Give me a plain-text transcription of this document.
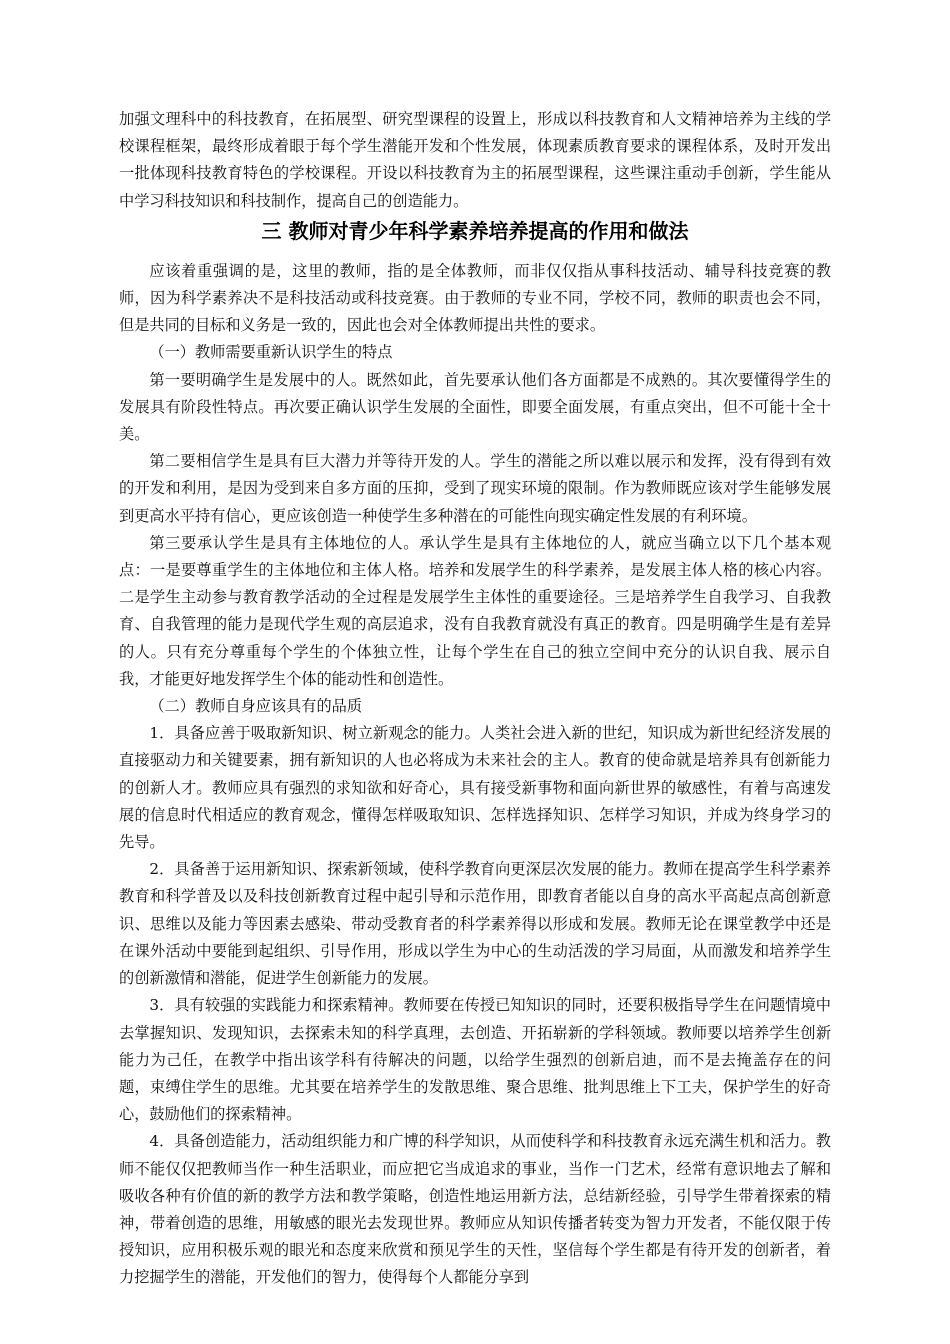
加强文理科中的科技教育，在拓展型、研究型课程的设置上，形成以科技教育和人文精神培养为主线的学校课程框架，最终形成着眼于每个学生潜能开发和个性发展，体现素质教育要求的课程体系，及时开发出一批体现科技教育特色的学校课程。开设以科技教育为主的拓展型课程，这些课注重动手创新，学生能从中学习科技知识和科技制作，提高自己的创造能力。

三 教师对青少年科学素养培养提高的作用和做法

应该着重强调的是，这里的教师，指的是全体教师，而非仅仅指从事科技活动、辅导科技竞赛的教师，因为科学素养决不是科技活动或科技竞赛。由于教师的专业不同，学校不同，教师的职责也会不同，但是共同的目标和义务是一致的，因此也会对全体教师提出共性的要求。

（一）教师需要重新认识学生的特点

第一要明确学生是发展中的人。既然如此，首先要承认他们各方面都是不成熟的。其次要懂得学生的发展具有阶段性特点。再次要正确认识学生发展的全面性，即要全面发展，有重点突出，但不可能十全十美。

第二要相信学生是具有巨大潜力并等待开发的人。学生的潜能之所以难以展示和发挥，没有得到有效的开发和利用，是因为受到来自多方面的压抑，受到了现实环境的限制。作为教师既应该对学生能够发展到更高水平持有信心，更应该创造一种使学生多种潜在的可能性向现实确定性发展的有利环境。

第三要承认学生是具有主体地位的人。承认学生是具有主体地位的人，就应当确立以下几个基本观点：一是要尊重学生的主体地位和主体人格。培养和发展学生的科学素养，是发展主体人格的核心内容。二是学生主动参与教育教学活动的全过程是发展学生主体性的重要途径。三是培养学生自我学习、自我教育、自我管理的能力是现代学生观的高层追求，没有自我教育就没有真正的教育。四是明确学生是有差异的人。只有充分尊重每个学生的个体独立性，让每个学生在自己的独立空间中充分的认识自我、展示自我，才能更好地发挥学生个体的能动性和创造性。

（二）教师自身应该具有的品质

1．具备应善于吸取新知识、树立新观念的能力。人类社会进入新的世纪，知识成为新世纪经济发展的直接驱动力和关键要素，拥有新知识的人也必将成为未来社会的主人。教育的使命就是培养具有创新能力的创新人才。教师应具有强烈的求知欲和好奇心，具有接受新事物和面向新世界的敏感性，有着与高速发展的信息时代相适应的教育观念，懂得怎样吸取知识、怎样选择知识、怎样学习知识，并成为终身学习的先导。

2．具备善于运用新知识、探索新领域，使科学教育向更深层次发展的能力。教师在提高学生科学素养教育和科学普及以及科技创新教育过程中起引导和示范作用，即教育者能以自身的高水平高起点高创新意识、思维以及能力等因素去感染、带动受教育者的科学素养得以形成和发展。教师无论在课堂教学中还是在课外活动中要能到起组织、引导作用，形成以学生为中心的生动活泼的学习局面，从而激发和培养学生的创新激情和潜能，促进学生创新能力的发展。

3．具有较强的实践能力和探索精神。教师要在传授已知知识的同时，还要积极指导学生在问题情境中去掌握知识、发现知识，去探索未知的科学真理，去创造、开拓崭新的学科领域。教师要以培养学生创新能力为己任，在教学中指出该学科有待解决的问题，以给学生强烈的创新启迪，而不是去掩盖存在的问题，束缚住学生的思维。尤其要在培养学生的发散思维、聚合思维、批判思维上下工夫，保护学生的好奇心，鼓励他们的探索精神。

4．具备创造能力，活动组织能力和广博的科学知识，从而使科学和科技教育永远充满生机和活力。教师不能仅仅把教师当作一种生活职业，而应把它当成追求的事业，当作一门艺术，经常有意识地去了解和吸收各种有价值的新的教学方法和教学策略，创造性地运用新方法，总结新经验，引导学生带着探索的精神，带着创造的思维，用敏感的眼光去发现世界。教师应从知识传播者转变为智力开发者，不能仅限于传授知识，应用积极乐观的眼光和态度来欣赏和预见学生的天性，坚信每个学生都是有待开发的创新者，着力挖掘学生的潜能，开发他们的智力，使得每个人都能分享到
